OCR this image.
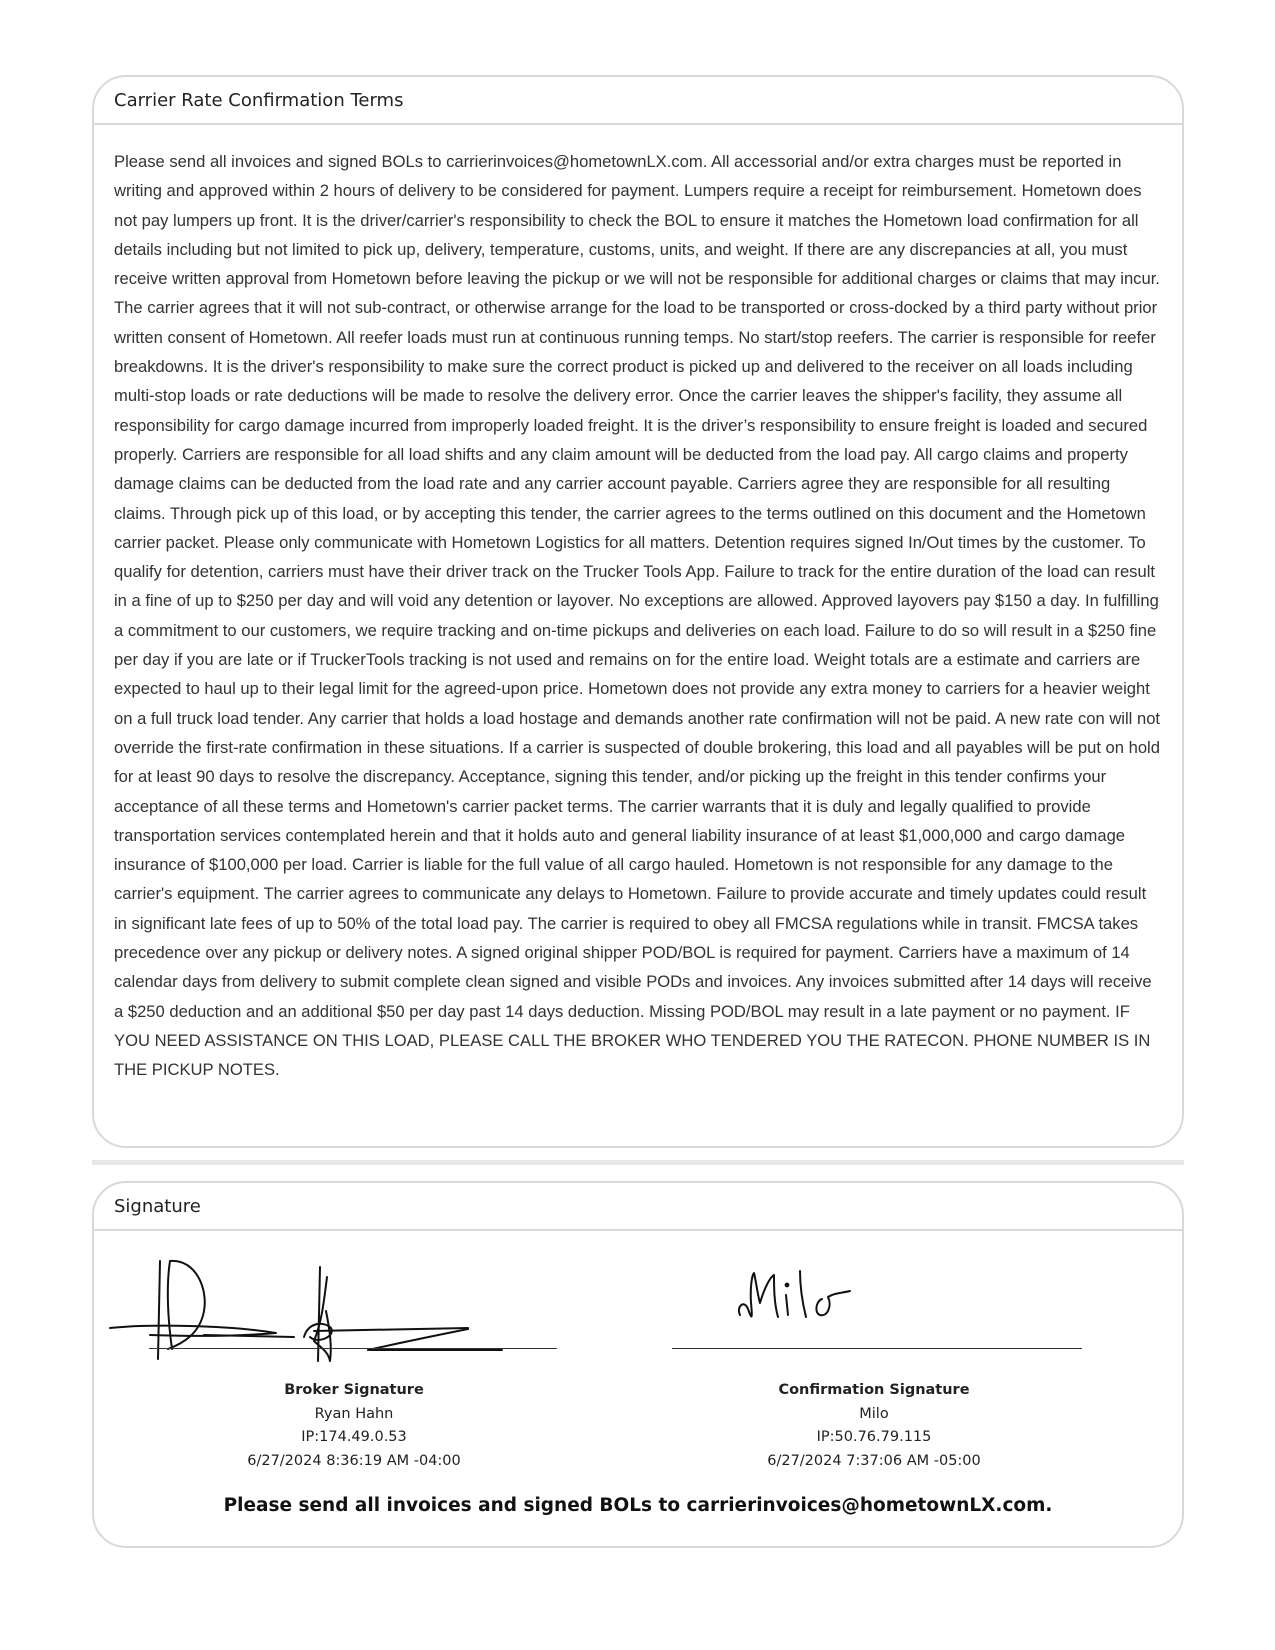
Carrier Rate Confirmation Terms
Please send all invoices and signed BOLs to carrierinvoices@hometownLX.com. All accessorial and/or extra charges must be reported in writing and approved within 2 hours of delivery to be considered for payment. Lumpers require a receipt for reimbursement. Hometown does not pay lumpers up front. It is the driver/carrier's responsibility to check the BOL to ensure it matches the Hometown load confirmation for all details including but not limited to pick up, delivery, temperature, customs, units, and weight. If there are any discrepancies at all, you must receive written approval from Hometown before leaving the pickup or we will not be responsible for additional charges or claims that may incur. The carrier agrees that it will not sub-contract, or otherwise arrange for the load to be transported or cross-docked by a third party without prior written consent of Hometown. All reefer loads must run at continuous running temps. No start/stop reefers. The carrier is responsible for reefer breakdowns. It is the driver's responsibility to make sure the correct product is picked up and delivered to the receiver on all loads including multi-stop loads or rate deductions will be made to resolve the delivery error. Once the carrier leaves the shipper's facility, they assume all responsibility for cargo damage incurred from improperly loaded freight. It is the driver’s responsibility to ensure freight is loaded and secured properly. Carriers are responsible for all load shifts and any claim amount will be deducted from the load pay. All cargo claims and property damage claims can be deducted from the load rate and any carrier account payable. Carriers agree they are responsible for all resulting claims. Through pick up of this load, or by accepting this tender, the carrier agrees to the terms outlined on this document and the Hometown carrier packet. Please only communicate with Hometown Logistics for all matters. Detention requires signed In/Out times by the customer. To qualify for detention, carriers must have their driver track on the Trucker Tools App. Failure to track for the entire duration of the load can result in a fine of up to $250 per day and will void any detention or layover. No exceptions are allowed. Approved layovers pay $150 a day. In fulfilling a commitment to our customers, we require tracking and on-time pickups and deliveries on each load. Failure to do so will result in a $250 fine per day if you are late or if TruckerTools tracking is not used and remains on for the entire load. Weight totals are a estimate and carriers are expected to haul up to their legal limit for the agreed-upon price. Hometown does not provide any extra money to carriers for a heavier weight on a full truck load tender. Any carrier that holds a load hostage and demands another rate confirmation will not be paid. A new rate con will not override the first-rate confirmation in these situations. If a carrier is suspected of double brokering, this load and all payables will be put on hold for at least 90 days to resolve the discrepancy. Acceptance, signing this tender, and/or picking up the freight in this tender confirms your acceptance of all these terms and Hometown's carrier packet terms. The carrier warrants that it is duly and legally qualified to provide transportation services contemplated herein and that it holds auto and general liability insurance of at least $1,000,000 and cargo damage insurance of $100,000 per load. Carrier is liable for the full value of all cargo hauled. Hometown is not responsible for any damage to the carrier's equipment. The carrier agrees to communicate any delays to Hometown. Failure to provide accurate and timely updates could result in significant late fees of up to 50% of the total load pay. The carrier is required to obey all FMCSA regulations while in transit. FMCSA takes precedence over any pickup or delivery notes. A signed original shipper POD/BOL is required for payment. Carriers have a maximum of 14 calendar days from delivery to submit complete clean signed and visible PODs and invoices. Any invoices submitted after 14 days will receive a $250 deduction and an additional $50 per day past 14 days deduction. Missing POD/BOL may result in a late payment or no payment. IF YOU NEED ASSISTANCE ON THIS LOAD, PLEASE CALL THE BROKER WHO TENDERED YOU THE RATECON. PHONE NUMBER IS IN THE PICKUP NOTES.
Signature
Broker Signature
Ryan Hahn
IP:174.49.0.53
6/27/2024 8:36:19 AM -04:00
Confirmation Signature
Milo
IP:50.76.79.115
6/27/2024 7:37:06 AM -05:00
Please send all invoices and signed BOLs to carrierinvoices@hometownLX.com.
